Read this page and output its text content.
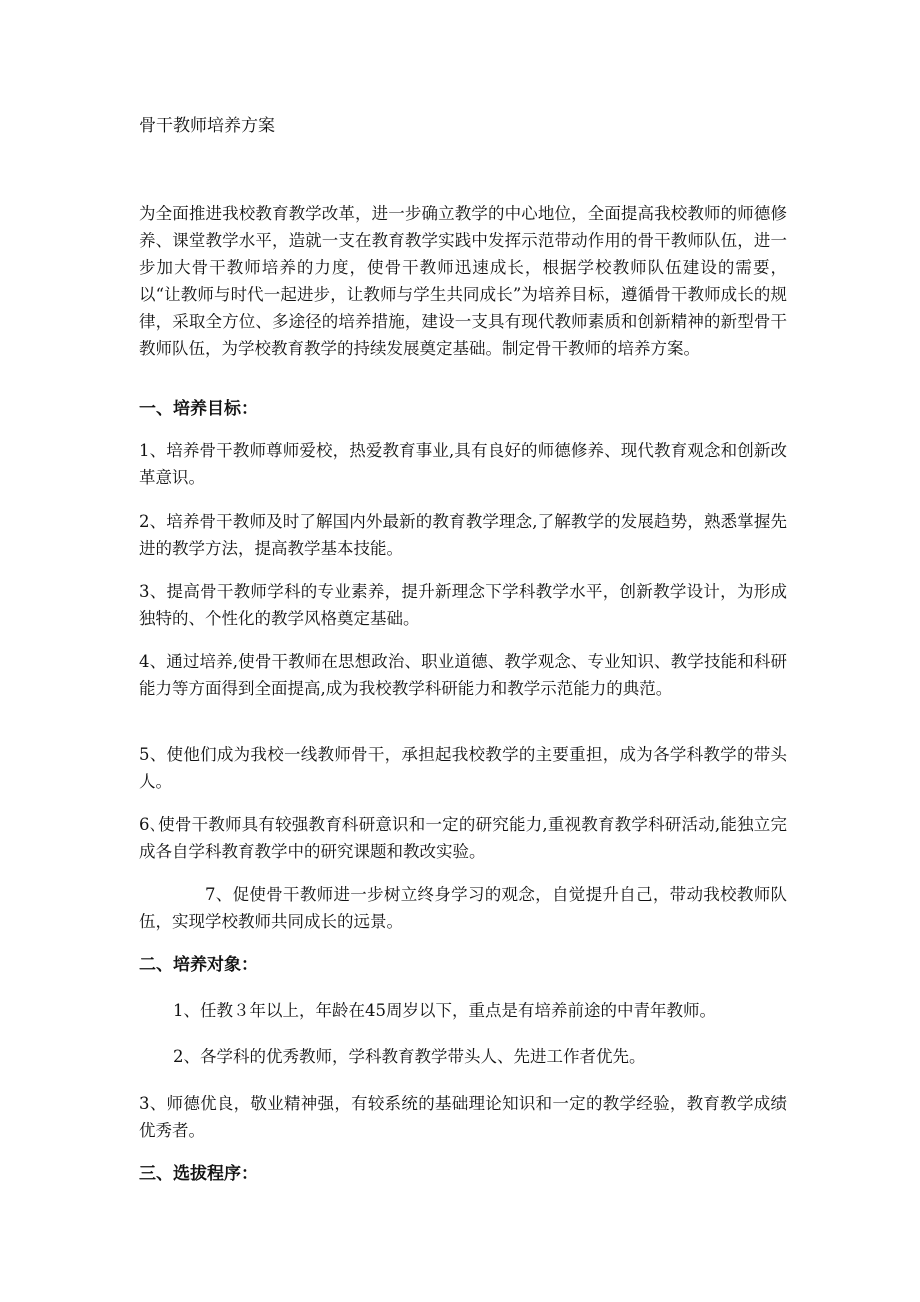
骨干教师培养方案

为全面推进我校教育教学改革，进一步确立教学的中心地位，全面提高我校教师的师德修养、课堂教学水平，造就一支在教育教学实践中发挥示范带动作用的骨干教师队伍，进一步加大骨干教师培养的力度，使骨干教师迅速成长，根据学校教师队伍建设的需要，以“让教师与时代一起进步，让教师与学生共同成长”为培养目标，遵循骨干教师成长的规律，采取全方位、多途径的培养措施，建设一支具有现代教师素质和创新精神的新型骨干教师队伍，为学校教育教学的持续发展奠定基础。制定骨干教师的培养方案。

一、培养目标：

1、培养骨干教师尊师爱校，热爱教育事业,具有良好的师德修养、现代教育观念和创新改革意识。

2、培养骨干教师及时了解国内外最新的教育教学理念,了解教学的发展趋势，熟悉掌握先进的教学方法，提高教学基本技能。

3、提高骨干教师学科的专业素养，提升新理念下学科教学水平，创新教学设计，为形成独特的、个性化的教学风格奠定基础。

4、通过培养,使骨干教师在思想政治、职业道德、教学观念、专业知识、教学技能和科研能力等方面得到全面提高,成为我校教学科研能力和教学示范能力的典范。

5、使他们成为我校一线教师骨干，承担起我校教学的主要重担，成为各学科教学的带头人。

6､使骨干教师具有较强教育科研意识和一定的研究能力,重视教育教学科研活动,能独立完成各自学科教育教学中的研究课题和教改实验。

7、促使骨干教师进一步树立终身学习的观念，自觉提升自己，带动我校教师队伍，实现学校教师共同成长的远景。

二、培养对象：

1、任教３年以上，年龄在45周岁以下，重点是有培养前途的中青年教师。

2、各学科的优秀教师，学科教育教学带头人、先进工作者优先。

3、师德优良，敬业精神强，有较系统的基础理论知识和一定的教学经验，教育教学成绩优秀者。

三、选拔程序：
